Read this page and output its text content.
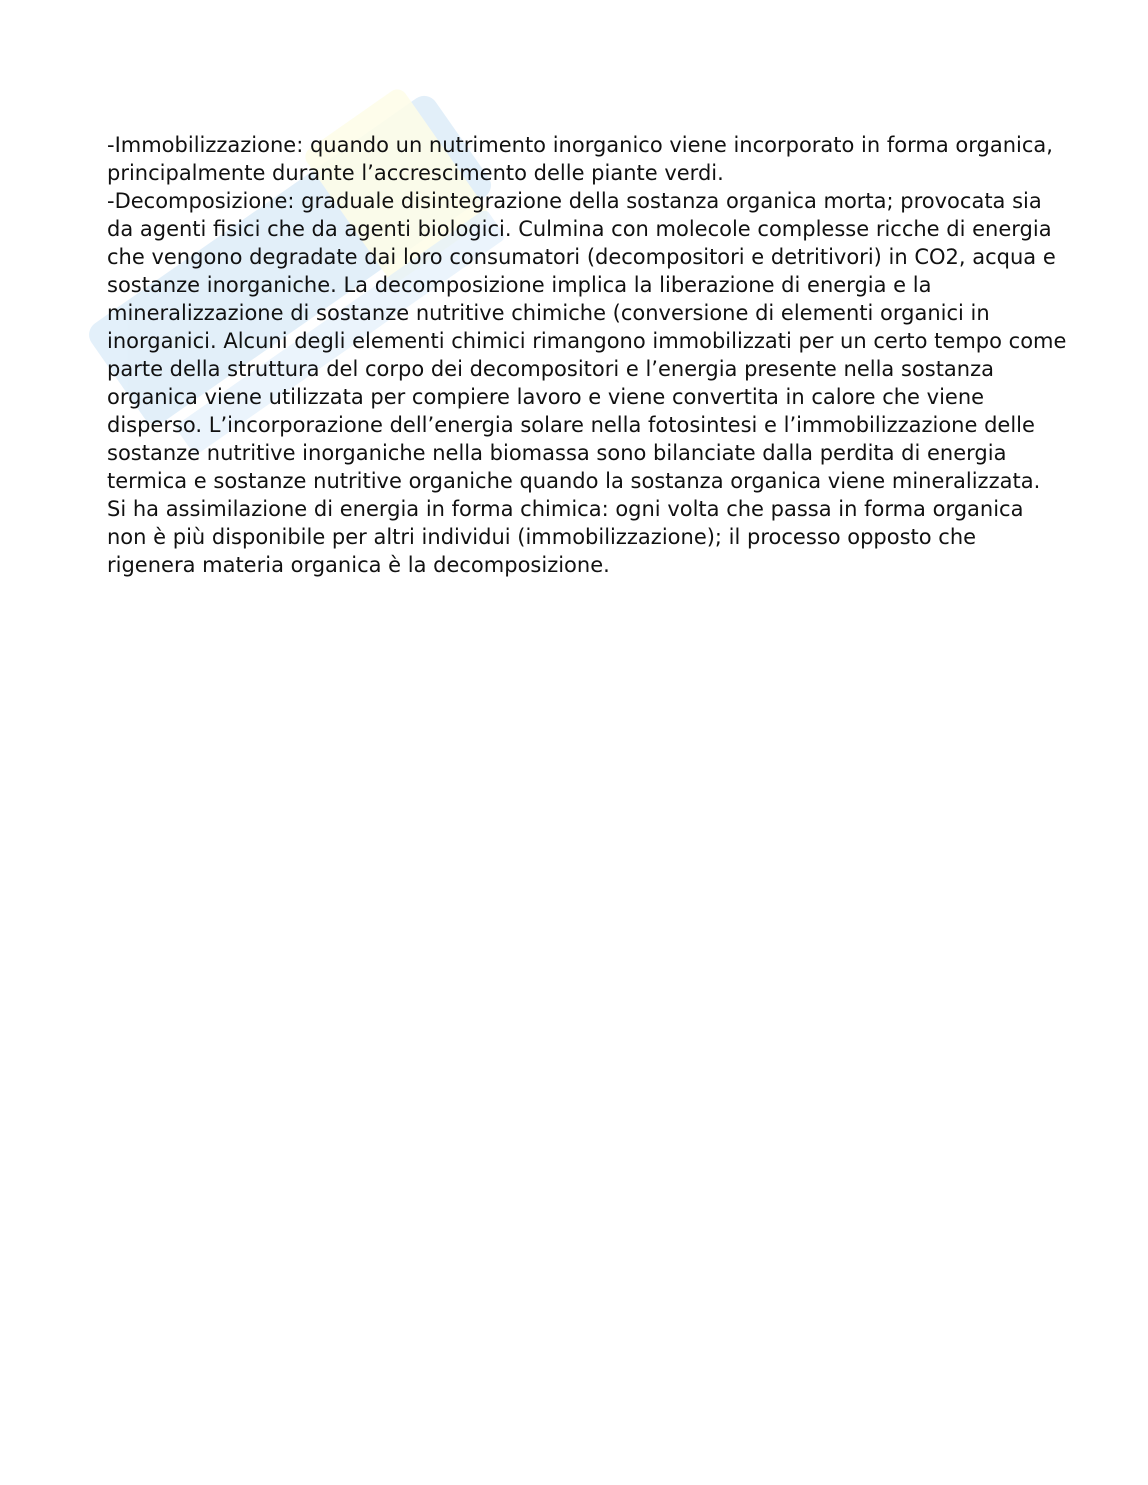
-Immobilizzazione: quando un nutrimento inorganico viene incorporato in forma organica, principalmente durante l’accrescimento delle piante verdi.

-Decomposizione: graduale disintegrazione della sostanza organica morta; provocata sia da agenti fisici che da agenti biologici. Culmina con molecole complesse ricche di energia che vengono degradate dai loro consumatori (decompositori e detritivori) in CO2, acqua e sostanze inorganiche. La decomposizione implica la liberazione di energia e la mineralizzazione di sostanze nutritive chimiche (conversione di elementi organici in inorganici. Alcuni degli elementi chimici rimangono immobilizzati per un certo tempo come parte della struttura del corpo dei decompositori e l’energia presente nella sostanza organica viene utilizzata per compiere lavoro e viene convertita in calore che viene disperso. L’incorporazione dell’energia solare nella fotosintesi e l’immobilizzazione delle sostanze nutritive inorganiche nella biomassa sono bilanciate dalla perdita di energia termica e sostanze nutritive organiche quando la sostanza organica viene mineralizzata.

Si ha assimilazione di energia in forma chimica: ogni volta che passa in forma organica non è più disponibile per altri individui (immobilizzazione); il processo opposto che rigenera materia organica è la decomposizione.
